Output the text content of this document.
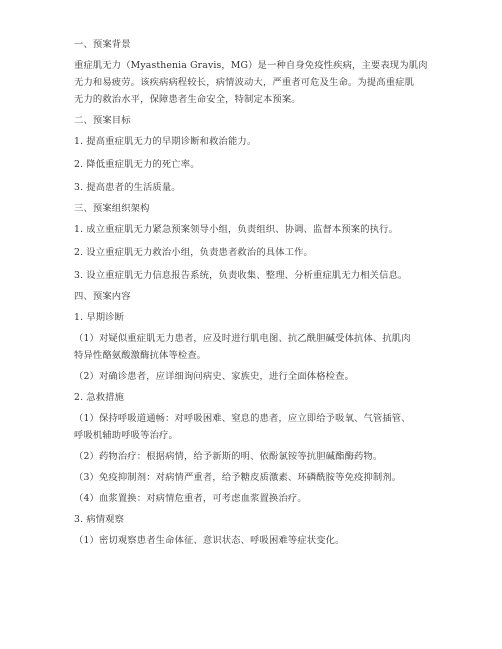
一、预案背景
重症肌无力（Myasthenia Gravis，MG）是一种自身免疫性疾病，主要表现为肌肉
无力和易疲劳。该疾病病程较长，病情波动大，严重者可危及生命。为提高重症肌
无力的救治水平，保障患者生命安全，特制定本预案。
二、预案目标
1. 提高重症肌无力的早期诊断和救治能力。
2. 降低重症肌无力的死亡率。
3. 提高患者的生活质量。
三、预案组织架构
1. 成立重症肌无力紧急预案领导小组，负责组织、协调、监督本预案的执行。
2. 设立重症肌无力救治小组，负责患者救治的具体工作。
3. 设立重症肌无力信息报告系统，负责收集、整理、分析重症肌无力相关信息。
四、预案内容
1. 早期诊断
（1）对疑似重症肌无力患者，应及时进行肌电图、抗乙酰胆碱受体抗体、抗肌肉
特异性酪氨酸激酶抗体等检查。
（2）对确诊患者，应详细询问病史、家族史，进行全面体格检查。
2. 急救措施
（1）保持呼吸道通畅：对呼吸困难、窒息的患者，应立即给予吸氧、气管插管、
呼吸机辅助呼吸等治疗。
（2）药物治疗：根据病情，给予新斯的明、依酚氯铵等抗胆碱酯酶药物。
（3）免疫抑制剂：对病情严重者，给予糖皮质激素、环磷酰胺等免疫抑制剂。
（4）血浆置换：对病情危重者，可考虑血浆置换治疗。
3. 病情观察
（1）密切观察患者生命体征、意识状态、呼吸困难等症状变化。
